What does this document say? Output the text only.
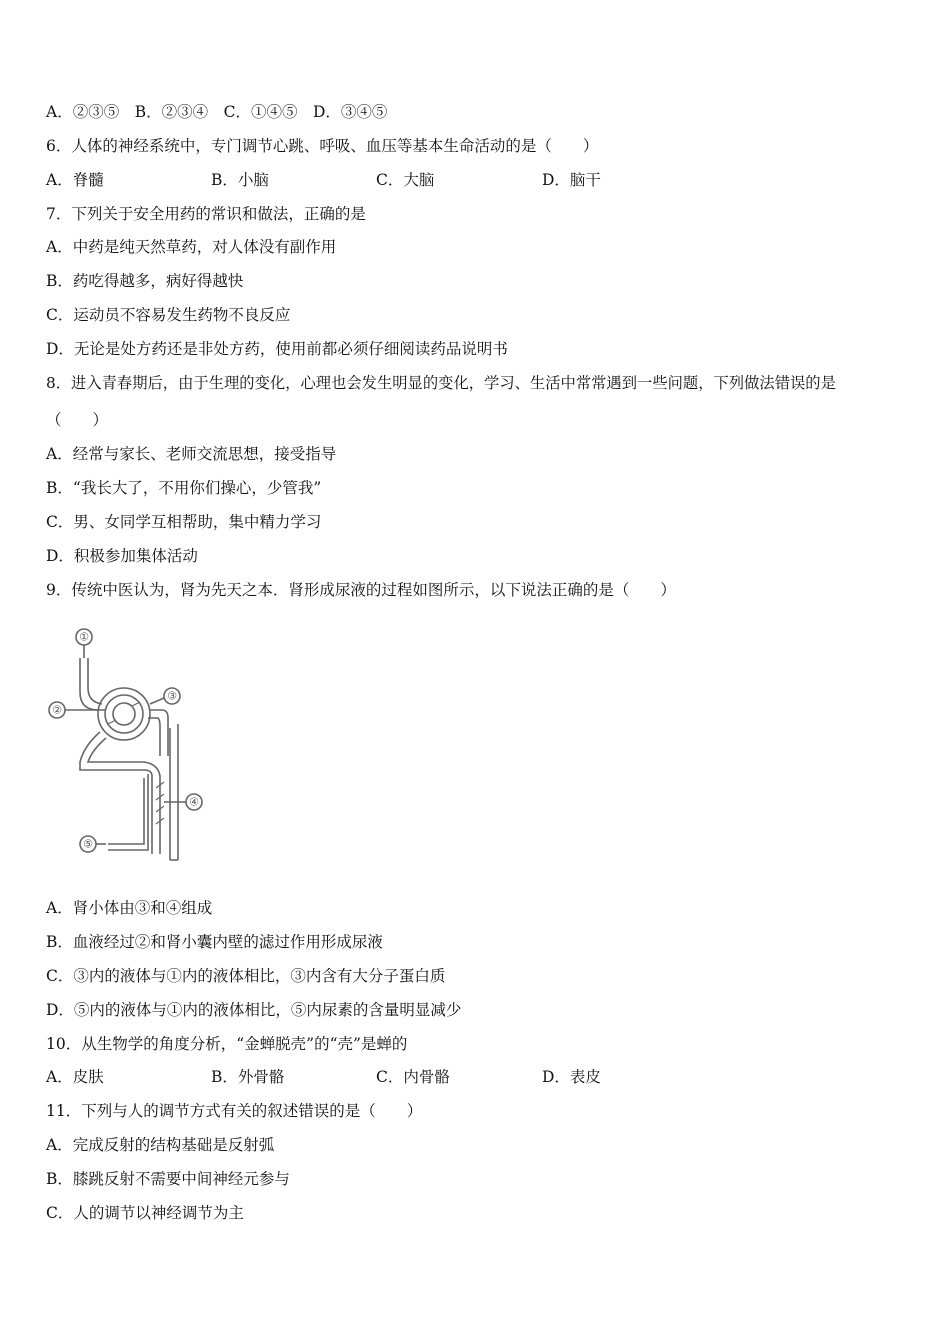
A．②③⑤　B．②③④　C．①④⑤　D．③④⑤
6．人体的神经系统中，专门调节心跳、呼吸、血压等基本生命活动的是（　　）
A．脊髓	B．小脑	C．大脑	D．脑干
7．下列关于安全用药的常识和做法，正确的是
A．中药是纯天然草药，对人体没有副作用
B．药吃得越多，病好得越快
C．运动员不容易发生药物不良反应
D．无论是处方药还是非处方药，使用前都必须仔细阅读药品说明书
8．进入青春期后，由于生理的变化，心理也会发生明显的变化，学习、生活中常常遇到一些问题，下列做法错误的是
（　　）
A．经常与家长、老师交流思想，接受指导
B．“我长大了，不用你们操心，少管我”
C．男、女同学互相帮助，集中精力学习
D．积极参加集体活动
9．传统中医认为，肾为先天之本．肾形成尿液的过程如图所示，以下说法正确的是（　　）
①
②
③
④
⑤
A．肾小体由③和④组成
B．血液经过②和肾小囊内壁的滤过作用形成尿液
C．③内的液体与①内的液体相比，③内含有大分子蛋白质
D．⑤内的液体与①内的液体相比，⑤内尿素的含量明显减少
10．从生物学的角度分析，“金蝉脱壳”的“壳”是蝉的
A．皮肤	B．外骨骼	C．内骨骼	D．表皮
11．下列与人的调节方式有关的叙述错误的是（　　）
A．完成反射的结构基础是反射弧
B．膝跳反射不需要中间神经元参与
C．人的调节以神经调节为主
